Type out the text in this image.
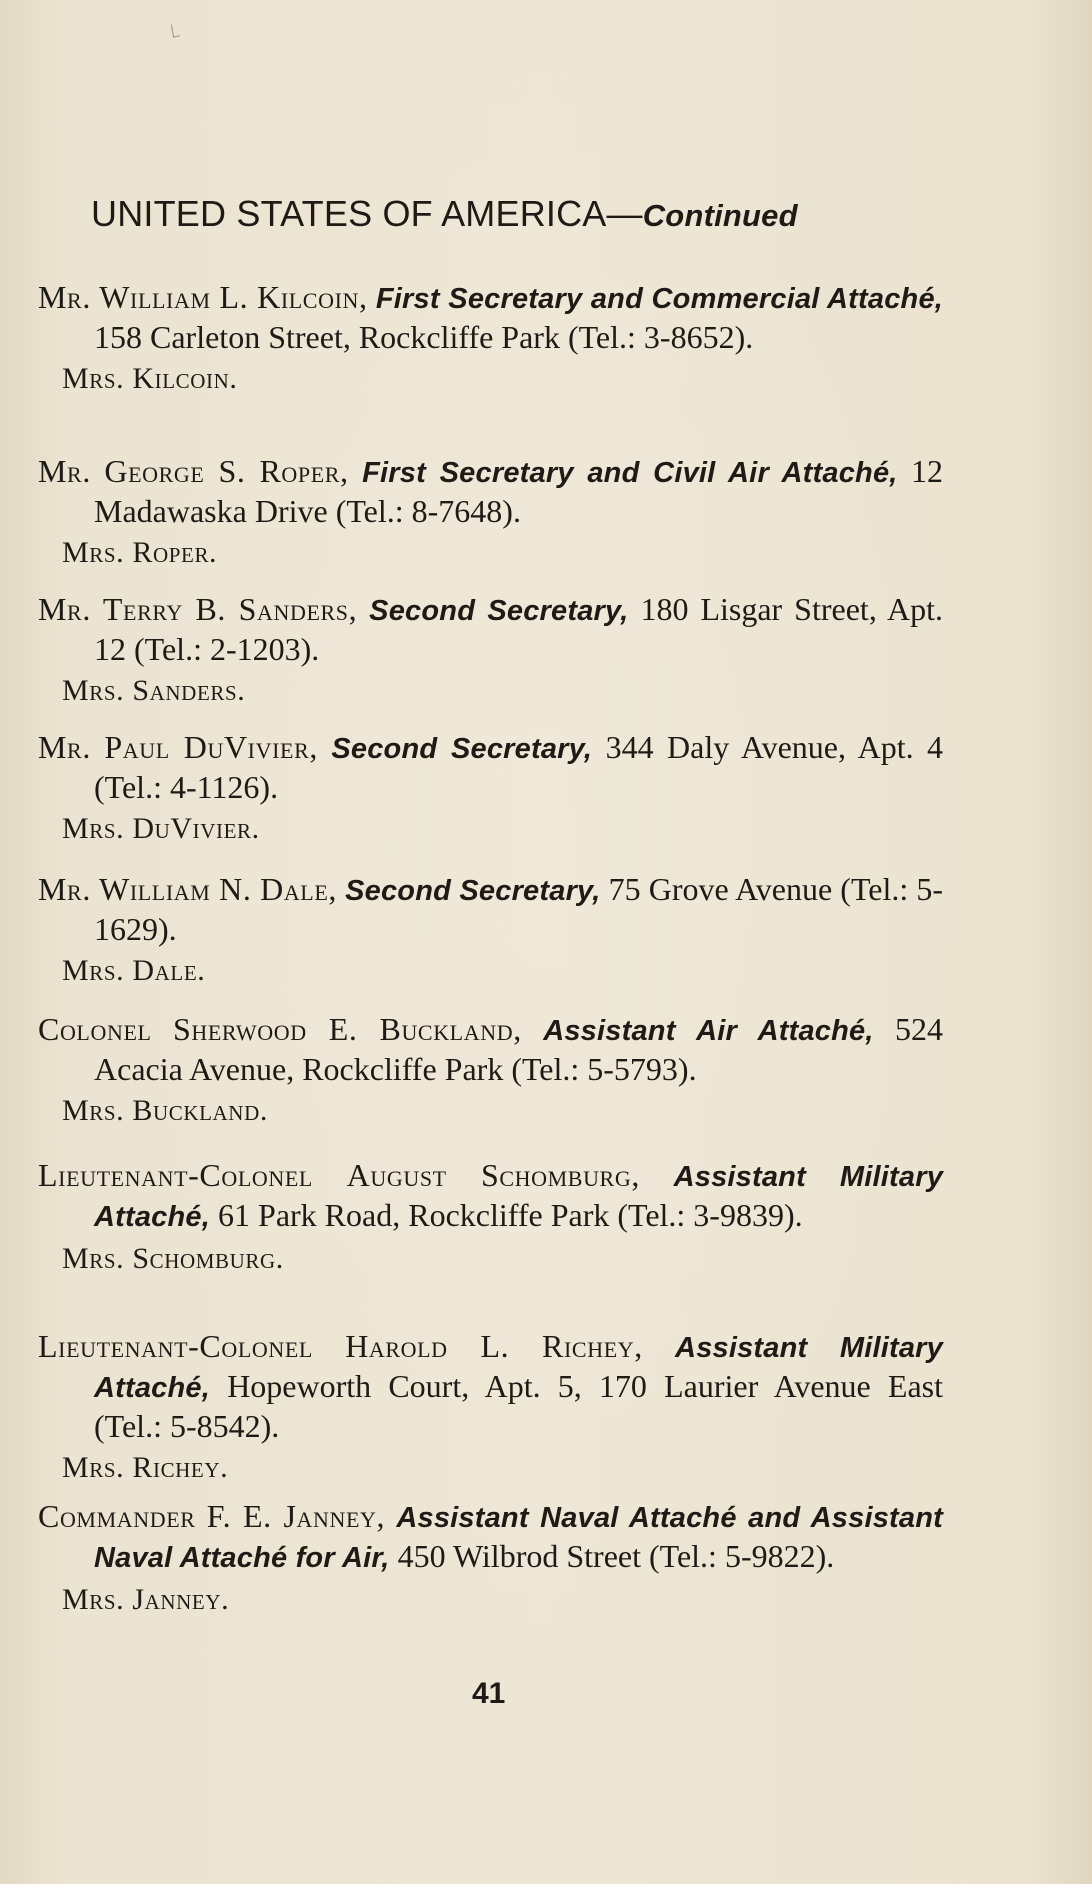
UNITED STATES OF AMERICA—Continued
Mr. William L. Kilcoin, First Secretary and Commercial Attaché, 158 Carleton Street, Rockcliffe Park (Tel.: 3-8652).
Mrs. Kilcoin.
Mr. George S. Roper, First Secretary and Civil Air Attaché, 12 Madawaska Drive (Tel.: 8-7648).
Mrs. Roper.
Mr. Terry B. Sanders, Second Secretary, 180 Lisgar Street, Apt. 12 (Tel.: 2-1203).
Mrs. Sanders.
Mr. Paul DuVivier, Second Secretary, 344 Daly Avenue, Apt. 4 (Tel.: 4-1126).
Mrs. DuVivier.
Mr. William N. Dale, Second Secretary, 75 Grove Avenue (Tel.: 5-1629).
Mrs. Dale.
Colonel Sherwood E. Buckland, Assistant Air Attaché, 524 Acacia Avenue, Rockcliffe Park (Tel.: 5-5793).
Mrs. Buckland.
Lieutenant-Colonel August Schomburg, Assistant Military Attaché, 61 Park Road, Rockcliffe Park (Tel.: 3-9839).
Mrs. Schomburg.
Lieutenant-Colonel Harold L. Richey, Assistant Military Attaché, Hopeworth Court, Apt. 5, 170 Laurier Avenue East (Tel.: 5-8542).
Mrs. Richey.
Commander F. E. Janney, Assistant Naval Attaché and Assistant Naval Attaché for Air, 450 Wilbrod Street (Tel.: 5-9822).
Mrs. Janney.
41
